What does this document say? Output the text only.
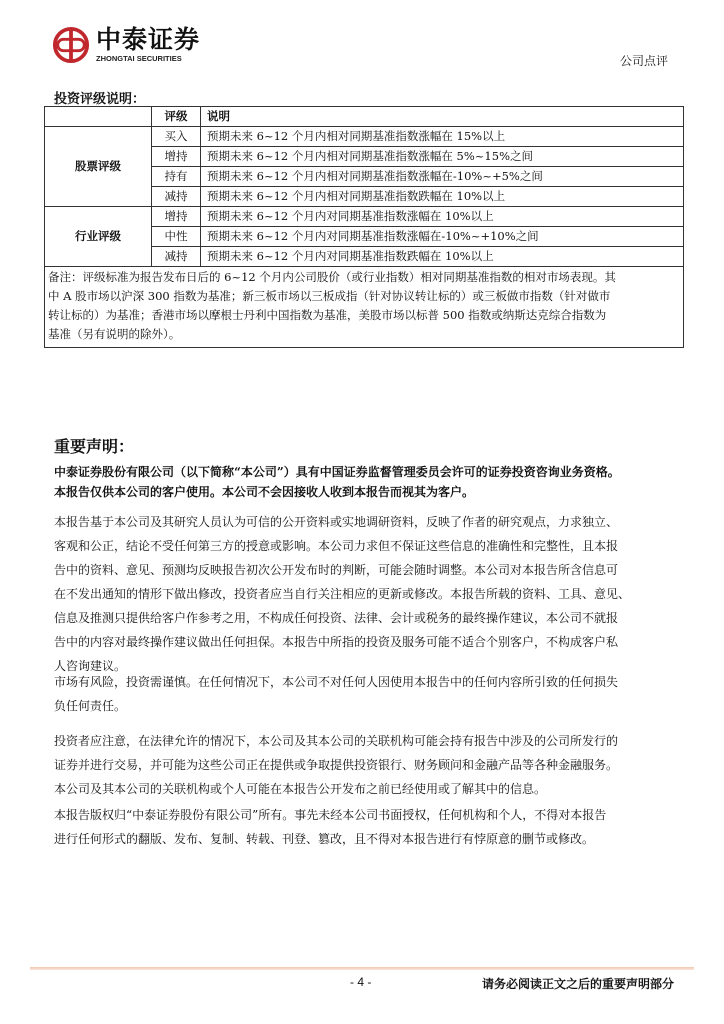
中泰证券
ZHONGTAI SECURITIES	公司点评
投资评级说明：
	评级	说明
股票评级	买入	预期未来 6~12 个月内相对同期基准指数涨幅在 15%以上
	增持	预期未来 6~12 个月内相对同期基准指数涨幅在 5%~15%之间
	持有	预期未来 6~12 个月内相对同期基准指数涨幅在-10%~+5%之间
	减持	预期未来 6~12 个月内相对同期基准指数跌幅在 10%以上
行业评级	增持	预期未来 6~12 个月内对同期基准指数涨幅在 10%以上
	中性	预期未来 6~12 个月内对同期基准指数涨幅在-10%~+10%之间
	减持	预期未来 6~12 个月内对同期基准指数跌幅在 10%以上

备注：评级标准为报告发布日后的 6~12 个月内公司股价（或行业指数）相对同期基准指数的相对市场表现。其
中 A 股市场以沪深 300 指数为基准；新三板市场以三板成指（针对协议转让标的）或三板做市指数（针对做市
转让标的）为基准；香港市场以摩根士丹利中国指数为基准，美股市场以标普 500 指数或纳斯达克综合指数为
基准（另有说明的除外）。		
重要声明：
中泰证券股份有限公司（以下简称“本公司”）具有中国证券监督管理委员会许可的证券投资咨询业务资格。
本报告仅供本公司的客户使用。本公司不会因接收人收到本报告而视其为客户。
本报告基于本公司及其研究人员认为可信的公开资料或实地调研资料，反映了作者的研究观点，力求独立、
客观和公正，结论不受任何第三方的授意或影响。本公司力求但不保证这些信息的准确性和完整性，且本报
告中的资料、意见、预测均反映报告初次公开发布时的判断，可能会随时调整。本公司对本报告所含信息可
在不发出通知的情形下做出修改，投资者应当自行关注相应的更新或修改。本报告所载的资料、工具、意见、
信息及推测只提供给客户作参考之用，不构成任何投资、法律、会计或税务的最终操作建议，本公司不就报
告中的内容对最终操作建议做出任何担保。本报告中所指的投资及服务可能不适合个别客户，不构成客户私
人咨询建议。
市场有风险，投资需谨慎。在任何情况下，本公司不对任何人因使用本报告中的任何内容所引致的任何损失
负任何责任。
投资者应注意，在法律允许的情况下，本公司及其本公司的关联机构可能会持有报告中涉及的公司所发行的
证券并进行交易，并可能为这些公司正在提供或争取提供投资银行、财务顾问和金融产品等各种金融服务。
本公司及其本公司的关联机构或个人可能在本报告公开发布之前已经使用或了解其中的信息。
本报告版权归“中泰证券股份有限公司”所有。事先未经本公司书面授权，任何机构和个人，不得对本报告
进行任何形式的翻版、发布、复制、转载、刊登、篡改，且不得对本报告进行有悖原意的删节或修改。
- 4 -	请务必阅读正文之后的重要声明部分
